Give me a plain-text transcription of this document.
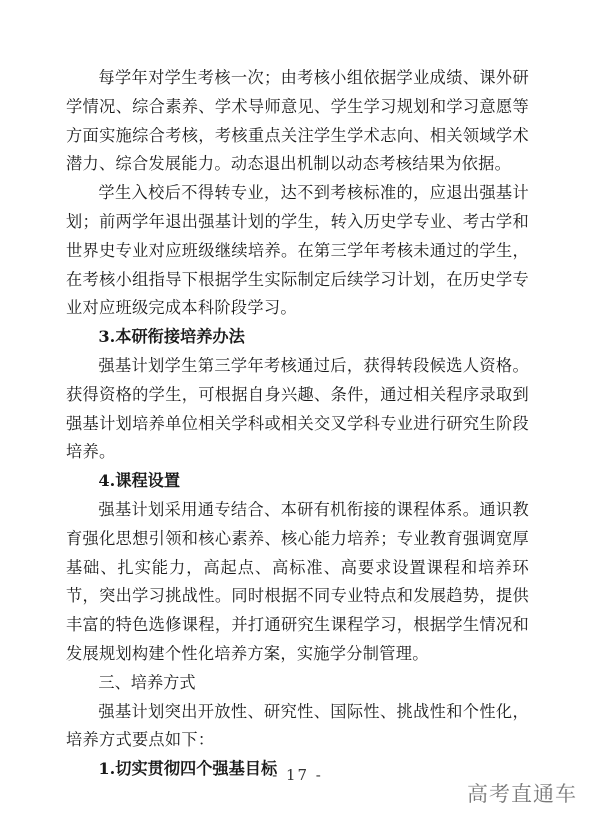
每学年对学生考核一次；由考核小组依据学业成绩、课外研学情况、综合素养、学术导师意见、学生学习规划和学习意愿等方面实施综合考核，考核重点关注学生学术志向、相关领域学术潜力、综合发展能力。动态退出机制以动态考核结果为依据。

学生入校后不得转专业，达不到考核标准的，应退出强基计划；前两学年退出强基计划的学生，转入历史学专业、考古学和世界史专业对应班级继续培养。在第三学年考核未通过的学生，在考核小组指导下根据学生实际制定后续学习计划，在历史学专业对应班级完成本科阶段学习。

3.本研衔接培养办法

强基计划学生第三学年考核通过后，获得转段候选人资格。获得资格的学生，可根据自身兴趣、条件，通过相关程序录取到强基计划培养单位相关学科或相关交叉学科专业进行研究生阶段培养。

4.课程设置

强基计划采用通专结合、本研有机衔接的课程体系。通识教育强化思想引领和核心素养、核心能力培养；专业教育强调宽厚基础、扎实能力，高起点、高标准、高要求设置课程和培养环节，突出学习挑战性。同时根据不同专业特点和发展趋势，提供丰富的特色选修课程，并打通研究生课程学习，根据学生情况和发展规划构建个性化培养方案，实施学分制管理。

三、培养方式

强基计划突出开放性、研究性、国际性、挑战性和个性化，培养方式要点如下：

1.切实贯彻四个强基目标

- 17 -
高考直通车
